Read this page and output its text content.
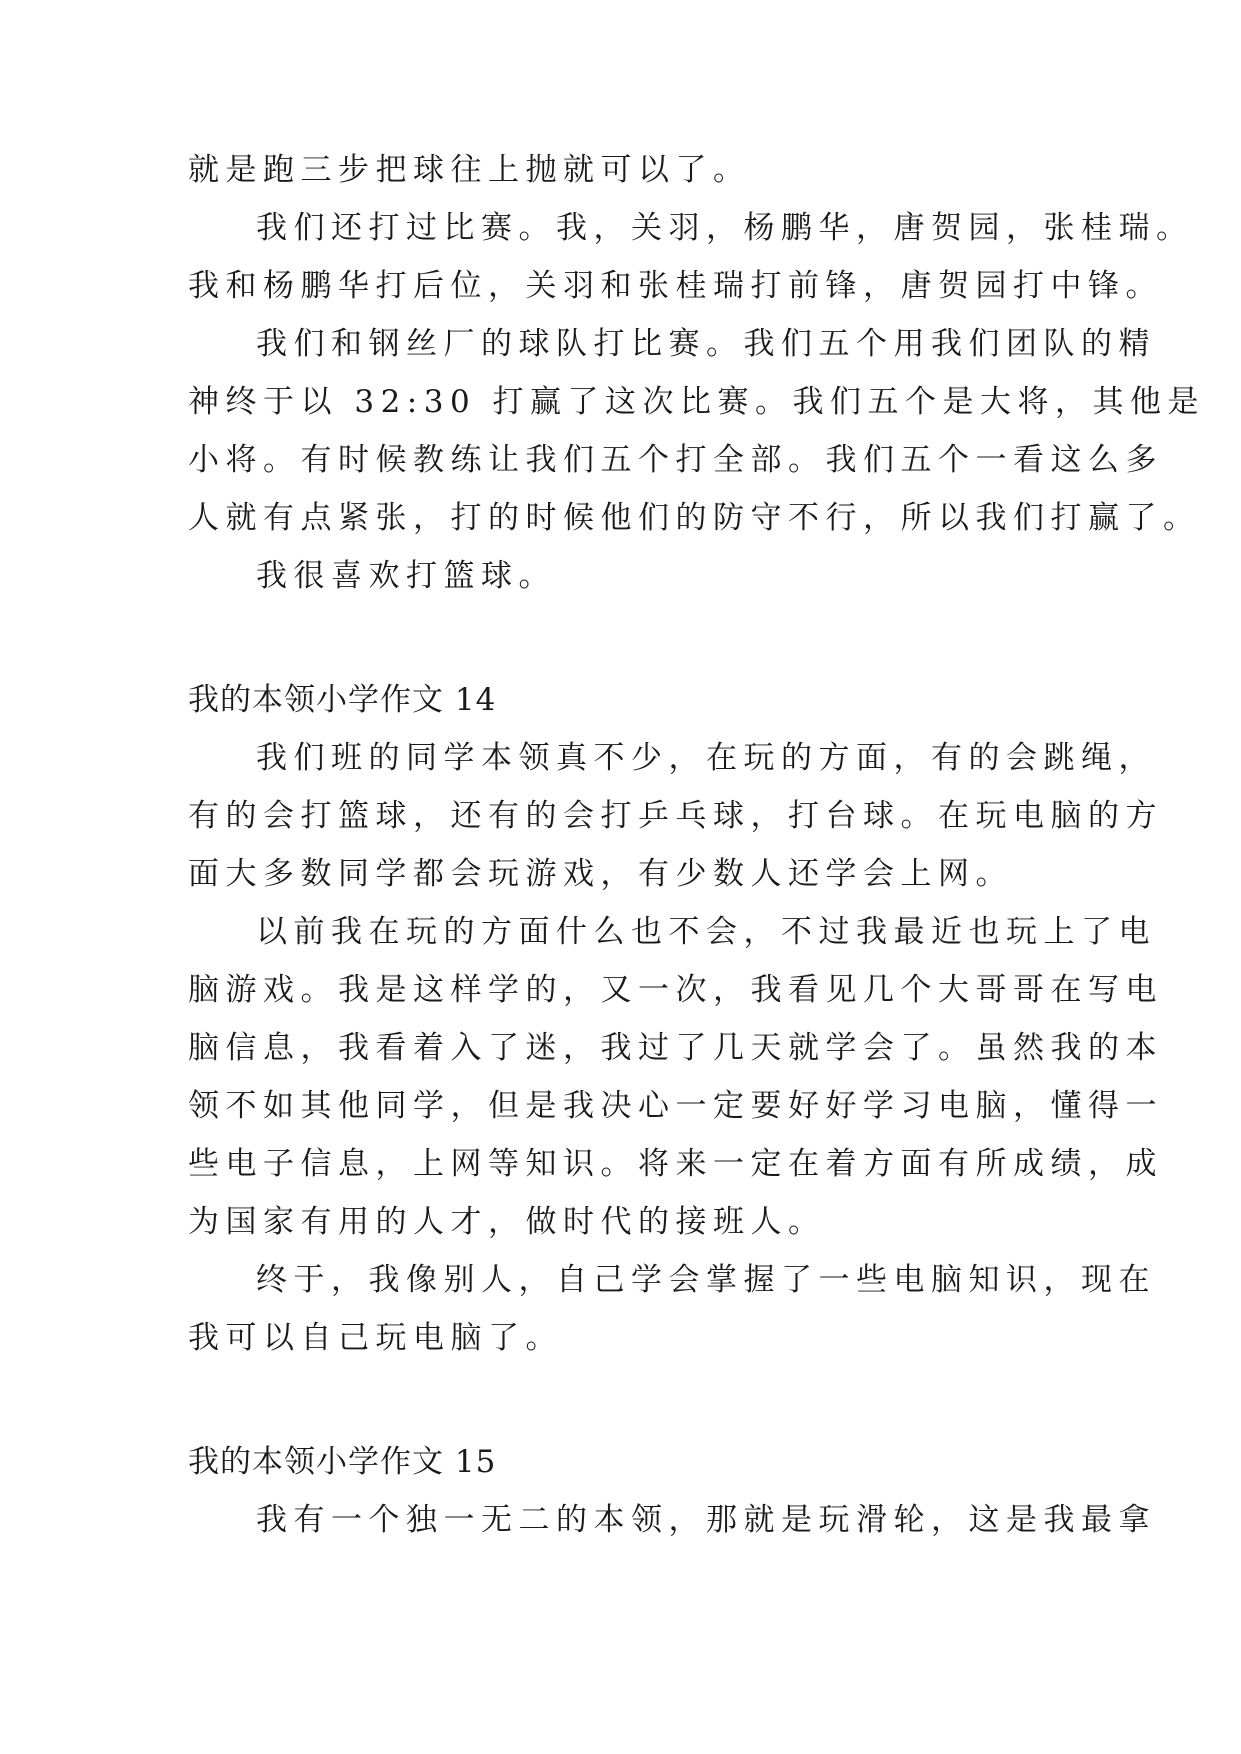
就是跑三步把球往上抛就可以了。
我们还打过比赛。我，关羽，杨鹏华，唐贺园，张桂瑞。
我和杨鹏华打后位，关羽和张桂瑞打前锋，唐贺园打中锋。
我们和钢丝厂的球队打比赛。我们五个用我们团队的精
神终于以 32:30 打赢了这次比赛。我们五个是大将，其他是
小将。有时候教练让我们五个打全部。我们五个一看这么多
人就有点紧张，打的时候他们的防守不行，所以我们打赢了。
我很喜欢打篮球。
我的本领小学作文 14
我们班的同学本领真不少，在玩的方面，有的会跳绳，
有的会打篮球，还有的会打乒乓球，打台球。在玩电脑的方
面大多数同学都会玩游戏，有少数人还学会上网。
以前我在玩的方面什么也不会，不过我最近也玩上了电
脑游戏。我是这样学的，又一次，我看见几个大哥哥在写电
脑信息，我看着入了迷，我过了几天就学会了。虽然我的本
领不如其他同学，但是我决心一定要好好学习电脑，懂得一
些电子信息，上网等知识。将来一定在着方面有所成绩，成
为国家有用的人才，做时代的接班人。
终于，我像别人，自己学会掌握了一些电脑知识，现在
我可以自己玩电脑了。
我的本领小学作文 15
我有一个独一无二的本领，那就是玩滑轮，这是我最拿
